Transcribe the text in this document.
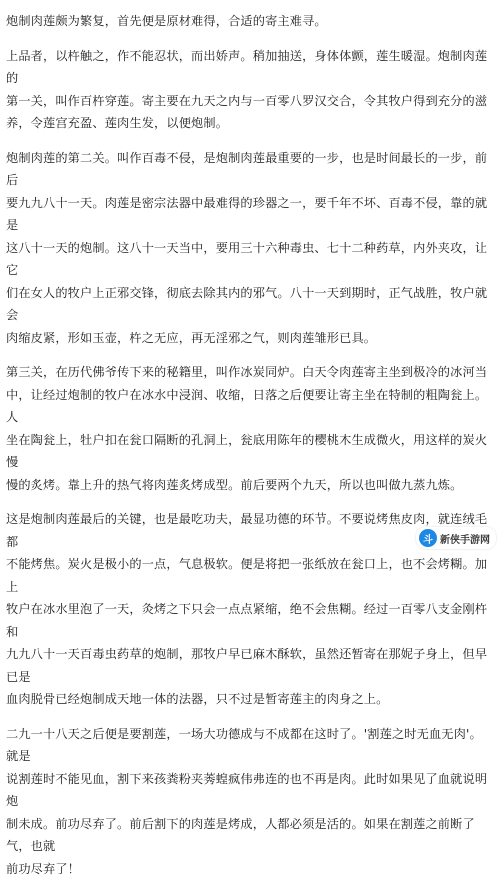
炮制肉莲颇为繁复，首先便是原材难得，合适的寄主难寻。

上品者，以杵触之，作不能忍状，而出娇声。稍加抽送，身体体颤，莲生暖湿。炮制肉莲的
第一关，叫作百杵穿莲。寄主要在九天之内与一百零八罗汉交合，令其牧户得到充分的滋
养，令莲宫充盈、莲肉生发，以便炮制。

炮制肉莲的第二关。叫作百毒不侵，是炮制肉莲最重要的一步，也是时间最长的一步，前后
要九九八十一天。肉莲是密宗法器中最难得的珍器之一，要千年不坏、百毒不侵，靠的就是
这八十一天的炮制。这八十一天当中，要用三十六种毒虫、七十二种药草，内外夹攻，让它
们在女人的牧户上正邪交锋，彻底去除其内的邪气。八十一天到期时，正气战胜，牧户就会
肉缩皮紧，形如玉壶，杵之无应，再无淫邪之气，则肉莲雏形已具。

第三关，在历代佛爷传下来的秘籍里，叫作冰炭同炉。白天令肉莲寄主坐到极冷的冰河当
中，让经过炮制的牧户在冰水中浸润、收缩，日落之后便要让寄主坐在特制的粗陶瓮上。人
坐在陶瓮上，牡户扣在瓮口隔断的孔洞上，瓮底用陈年的樱桃木生成微火，用这样的炭火慢
慢的炙烤。靠上升的热气将肉莲炙烤成型。前后要两个九天，所以也叫做九蒸九炼。

这是炮制肉莲最后的关键，也是最吃功夫，最显功德的环节。不要说烤焦皮肉，就连绒毛都
不能烤焦。炭火是极小的一点，气息极软。便是将把一张纸放在瓮口上，也不会烤糊。加上
牧户在冰水里泡了一天，灸烤之下只会一点点紧缩，绝不会焦糊。经过一百零八支金刚杵和
九九八十一天百毒虫药草的炮制，那牧户早已麻木酥软，虽然还暂寄在那妮子身上，但早已是
血肉脱骨已经炮制成天地一体的法器，只不过是暂寄莲主的肉身之上。

二九一十八天之后便是要割莲，一场大功德成与不成都在这时了。'割莲之时无血无肉'。就是
说割莲时不能见血，割下来孩粪粉夹莠蝗疯伟弗连的也不再是肉。此时如果见了血就说明炮
制未成。前功尽弃了。前后割下的肉莲是烤成，人都必须是活的。如果在割莲之前断了气，也就
前功尽弃了！

斗 新侠手游网
